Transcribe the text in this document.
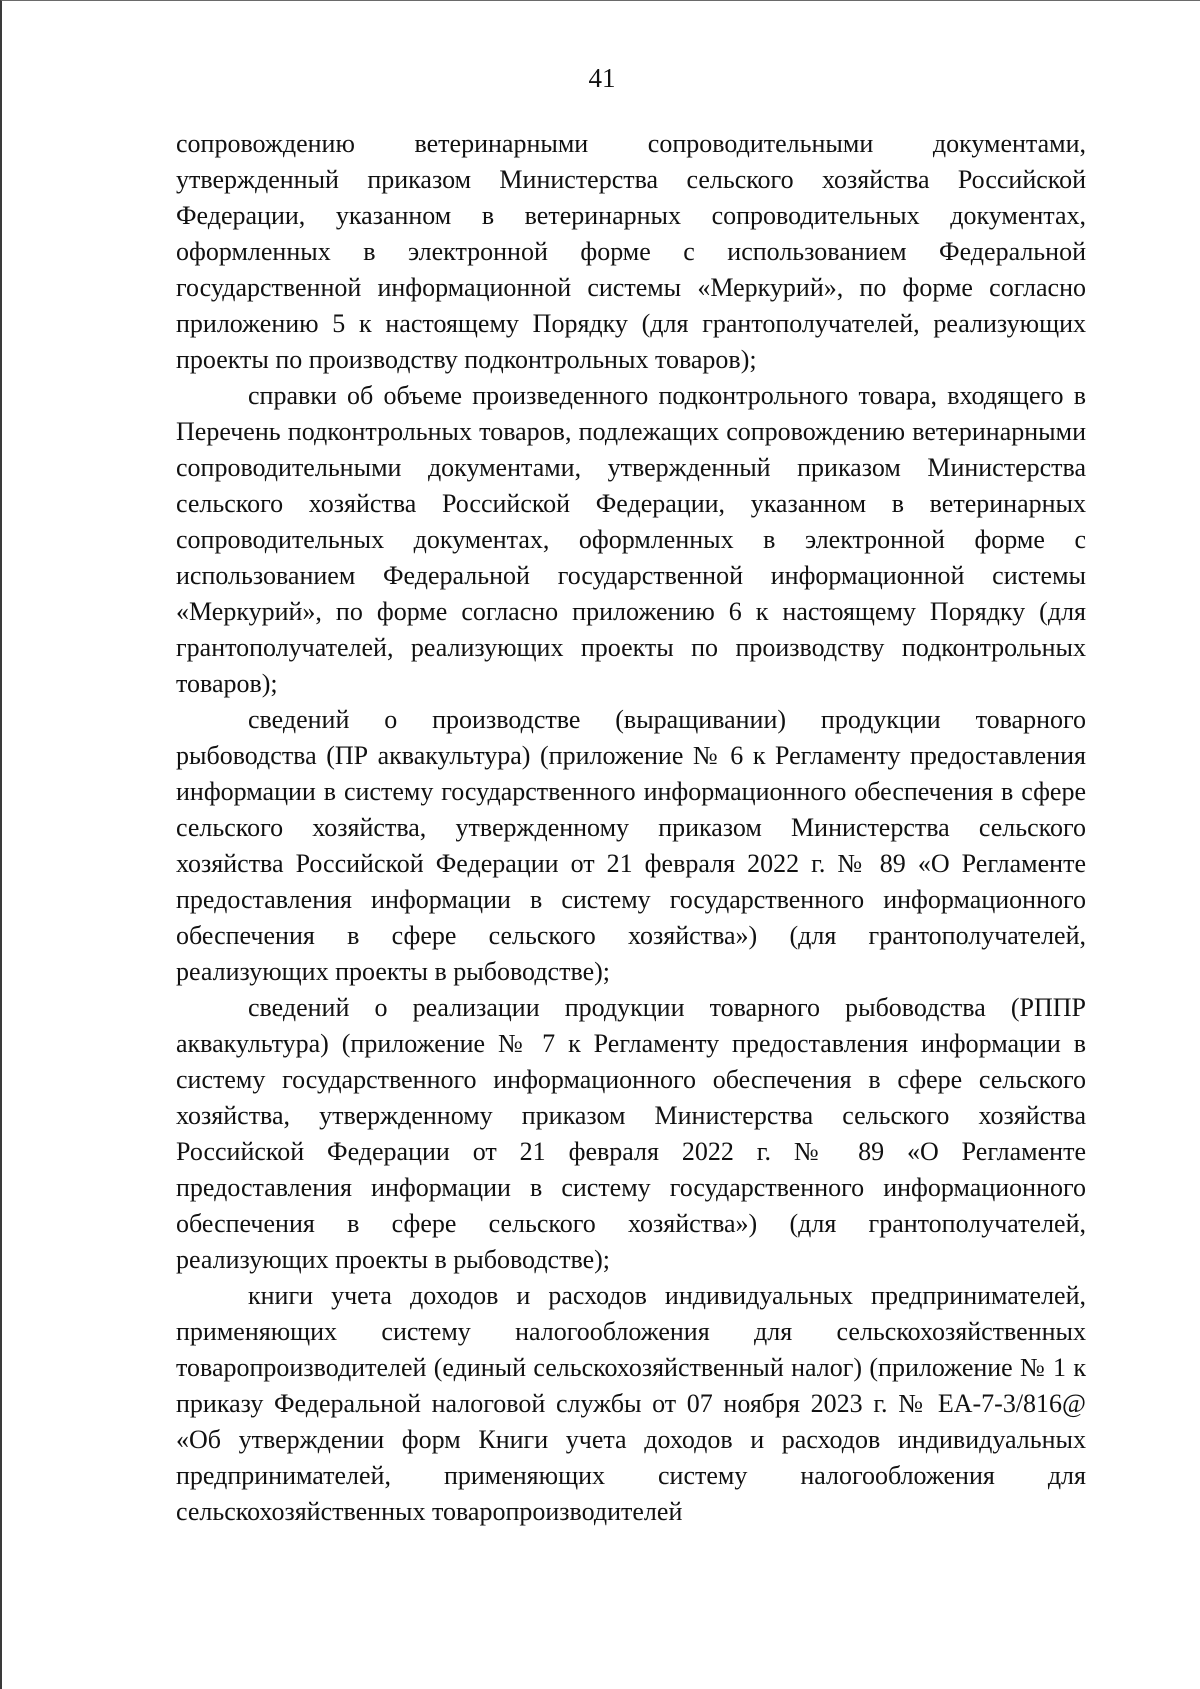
41

сопровождению ветеринарными сопроводительными документами, утвержденный приказом Министерства сельского хозяйства Российской Федерации, указанном в ветеринарных сопроводительных документах, оформленных в электронной форме с использованием Федеральной государственной информационной системы «Меркурий», по форме согласно приложению 5 к настоящему Порядку (для грантополучателей, реализующих проекты по производству подконтрольных товаров);

справки об объеме произведенного подконтрольного товара, входящего в Перечень подконтрольных товаров, подлежащих сопровождению ветеринарными сопроводительными документами, утвержденный приказом Министерства сельского хозяйства Российской Федерации, указанном в ветеринарных сопроводительных документах, оформленных в электронной форме с использованием Федеральной государственной информационной системы «Меркурий», по форме согласно приложению 6 к настоящему Порядку (для грантополучателей, реализующих проекты по производству подконтрольных товаров);

сведений о производстве (выращивании) продукции товарного рыбоводства (ПР аквакультура) (приложение № 6 к Регламенту предоставления информации в систему государственного информационного обеспечения в сфере сельского хозяйства, утвержденному приказом Министерства сельского хозяйства Российской Федерации от 21 февраля 2022 г. № 89 «О Регламенте предоставления информации в систему государственного информационного обеспечения в сфере сельского хозяйства») (для грантополучателей, реализующих проекты в рыбоводстве);

сведений о реализации продукции товарного рыбоводства (РППР аквакультура) (приложение № 7 к Регламенту предоставления информации в систему государственного информационного обеспечения в сфере сельского хозяйства, утвержденному приказом Министерства сельского хозяйства Российской Федерации от 21 февраля 2022 г. № 89 «О Регламенте предоставления информации в систему государственного информационного обеспечения в сфере сельского хозяйства») (для грантополучателей, реализующих проекты в рыбоводстве);

книги учета доходов и расходов индивидуальных предпринимателей, применяющих систему налогообложения для сельскохозяйственных товаропроизводителей (единый сельскохозяйственный налог) (приложение № 1 к приказу Федеральной налоговой службы от 07 ноября 2023 г. № ЕА-7-3/816@ «Об утверждении форм Книги учета доходов и расходов индивидуальных предпринимателей, применяющих систему налогообложения для сельскохозяйственных товаропроизводителей
